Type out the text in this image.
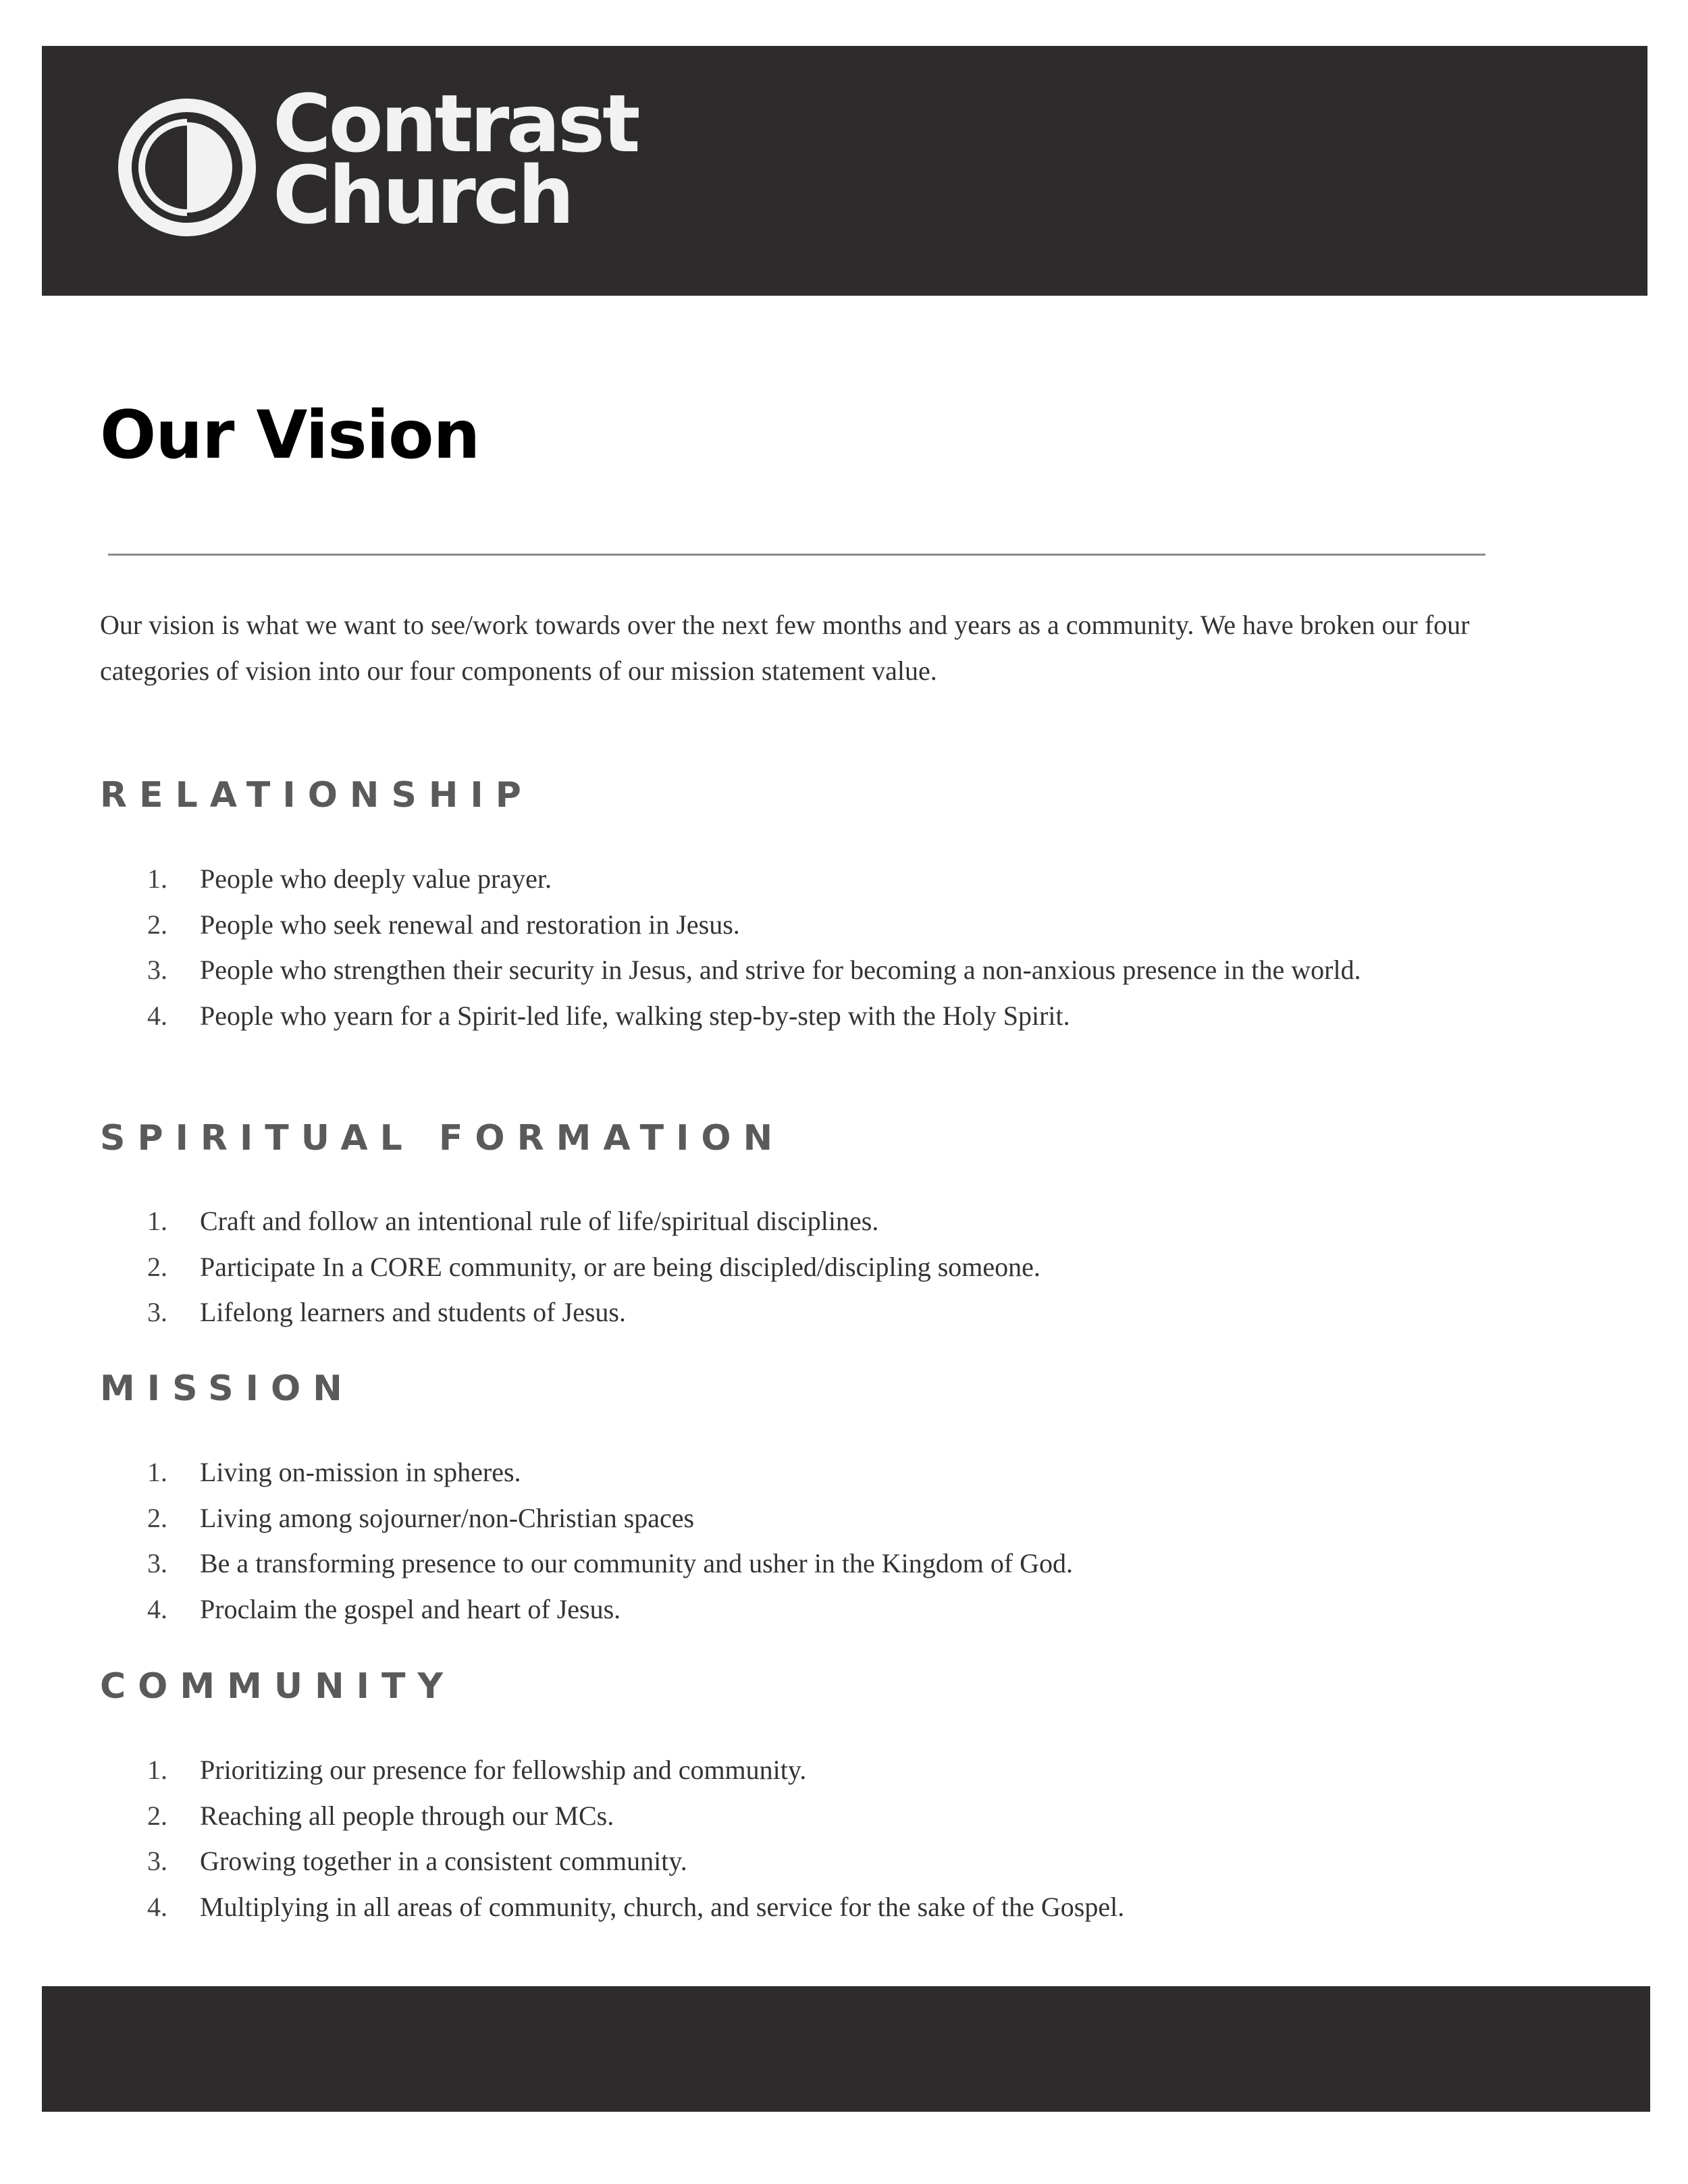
Contrast
Church
Our Vision

Our vision is what we want to see/work towards over the next few months and years as a community. We have broken our four categories of vision into our four components of our mission statement value.

RELATIONSHIP
1.	People who deeply value prayer.
2.	People who seek renewal and restoration in Jesus.
3.	People who strengthen their security in Jesus, and strive for becoming a non-anxious presence in the world.
4.	People who yearn for a Spirit-led life, walking step-by-step with the Holy Spirit.
SPIRITUAL FORMATION
1.	Craft and follow an intentional rule of life/spiritual disciplines.
2.	Participate In a CORE community, or are being discipled/discipling someone.
3.	Lifelong learners and students of Jesus.
MISSION
1.	Living on-mission in spheres.
2.	Living among sojourner/non-Christian spaces
3.	Be a transforming presence to our community and usher in the Kingdom of God.
4.	Proclaim the gospel and heart of Jesus.
COMMUNITY
1.	Prioritizing our presence for fellowship and community.
2.	Reaching all people through our MCs.
3.	Growing together in a consistent community.
4.	Multiplying in all areas of community, church, and service for the sake of the Gospel.
